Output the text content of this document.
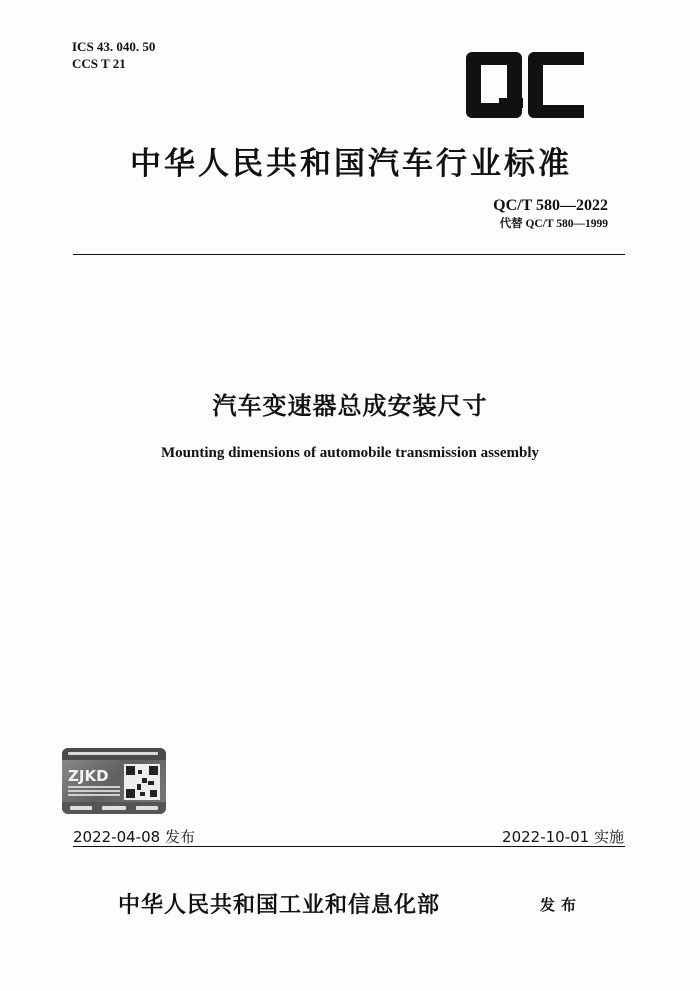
ICS 43. 040. 50
CCS T 21
中华人民共和国汽车行业标准
QC/T 580—2022
代替 QC/T 580—1999
汽车变速器总成安装尺寸
Mounting dimensions of automobile transmission assembly
ZJKD
2022-04-08 发布	2022-10-01 实施
中华人民共和国工业和信息化部	发布
